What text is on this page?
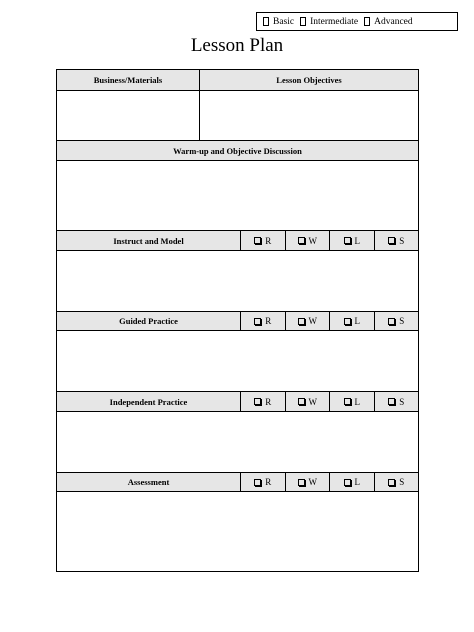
Basic Intermediate Advanced
Lesson Plan
Business/Materials	Lesson Objectives
Warm-up and Objective Discussion
Instruct and Model	R	W	L	S
Guided Practice	R	W	L	S
Independent Practice	R	W	L	S
Assessment	R	W	L	S
